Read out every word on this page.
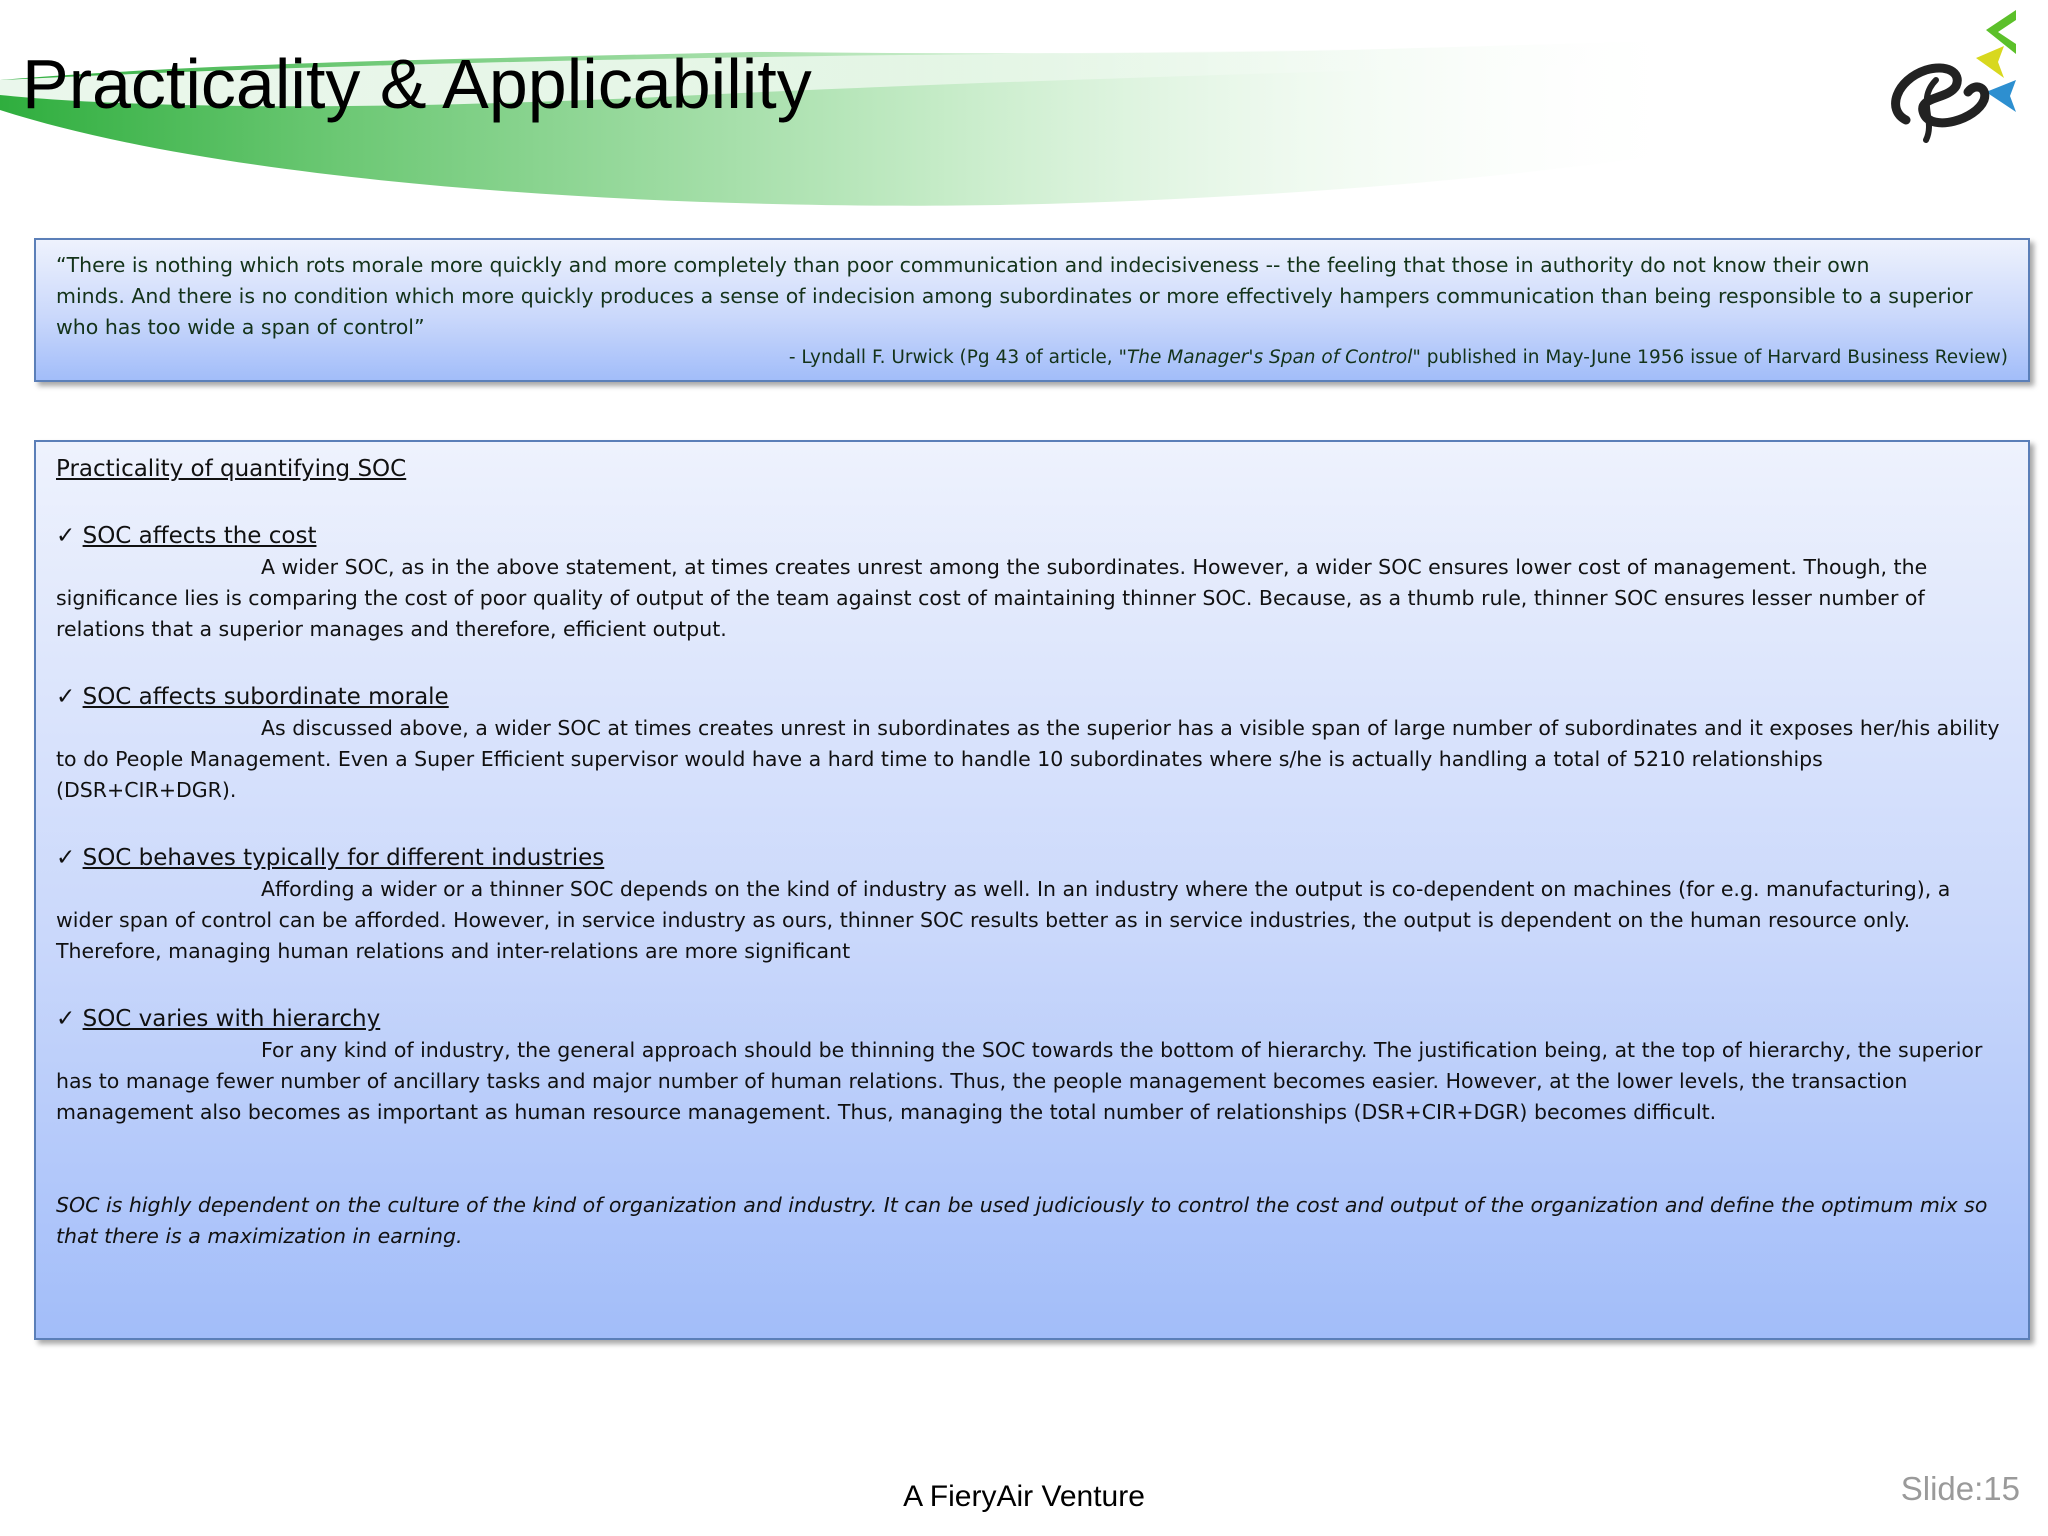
Practicality & Applicability

“There is nothing which rots morale more quickly and more completely than poor communication and indecisiveness -- the feeling that those in authority do not know their own

minds. And there is no condition which more quickly produces a sense of indecision among subordinates or more effectively hampers communication than being responsible to a superior

who has too wide a span of control”

- Lyndall F. Urwick (Pg 43 of article, "The Manager's Span of Control" published in May-June 1956 issue of Harvard Business Review)

Practicality of quantifying SOC

✓ SOC affects the cost

A wider SOC, as in the above statement, at times creates unrest among the subordinates. However, a wider SOC ensures lower cost of management. Though, the

significance lies is comparing the cost of poor quality of output of the team against cost of maintaining thinner SOC. Because, as a thumb rule, thinner SOC ensures lesser number of

relations that a superior manages and therefore, efficient output.

✓ SOC affects subordinate morale

As discussed above, a wider SOC at times creates unrest in subordinates as the superior has a visible span of large number of subordinates and it exposes her/his ability

to do People Management. Even a Super Efficient supervisor would have a hard time to handle 10 subordinates where s/he is actually handling a total of 5210 relationships

(DSR+CIR+DGR).

✓ SOC behaves typically for different industries

Affording a wider or a thinner SOC depends on the kind of industry as well. In an industry where the output is co-dependent on machines (for e.g. manufacturing), a

wider span of control can be afforded. However, in service industry as ours, thinner SOC results better as in service industries, the output is dependent on the human resource only.

Therefore, managing human relations and inter-relations are more significant

✓ SOC varies with hierarchy

For any kind of industry, the general approach should be thinning the SOC towards the bottom of hierarchy. The justification being, at the top of hierarchy, the superior

has to manage fewer number of ancillary tasks and major number of human relations. Thus, the people management becomes easier. However, at the lower levels, the transaction

management also becomes as important as human resource management. Thus, managing the total number of relationships (DSR+CIR+DGR) becomes difficult.

SOC is highly dependent on the culture of the kind of organization and industry. It can be used judiciously to control the cost and output of the organization and define the optimum mix so
that there is a maximization in earning.
A FieryAir Venture	Slide:15
